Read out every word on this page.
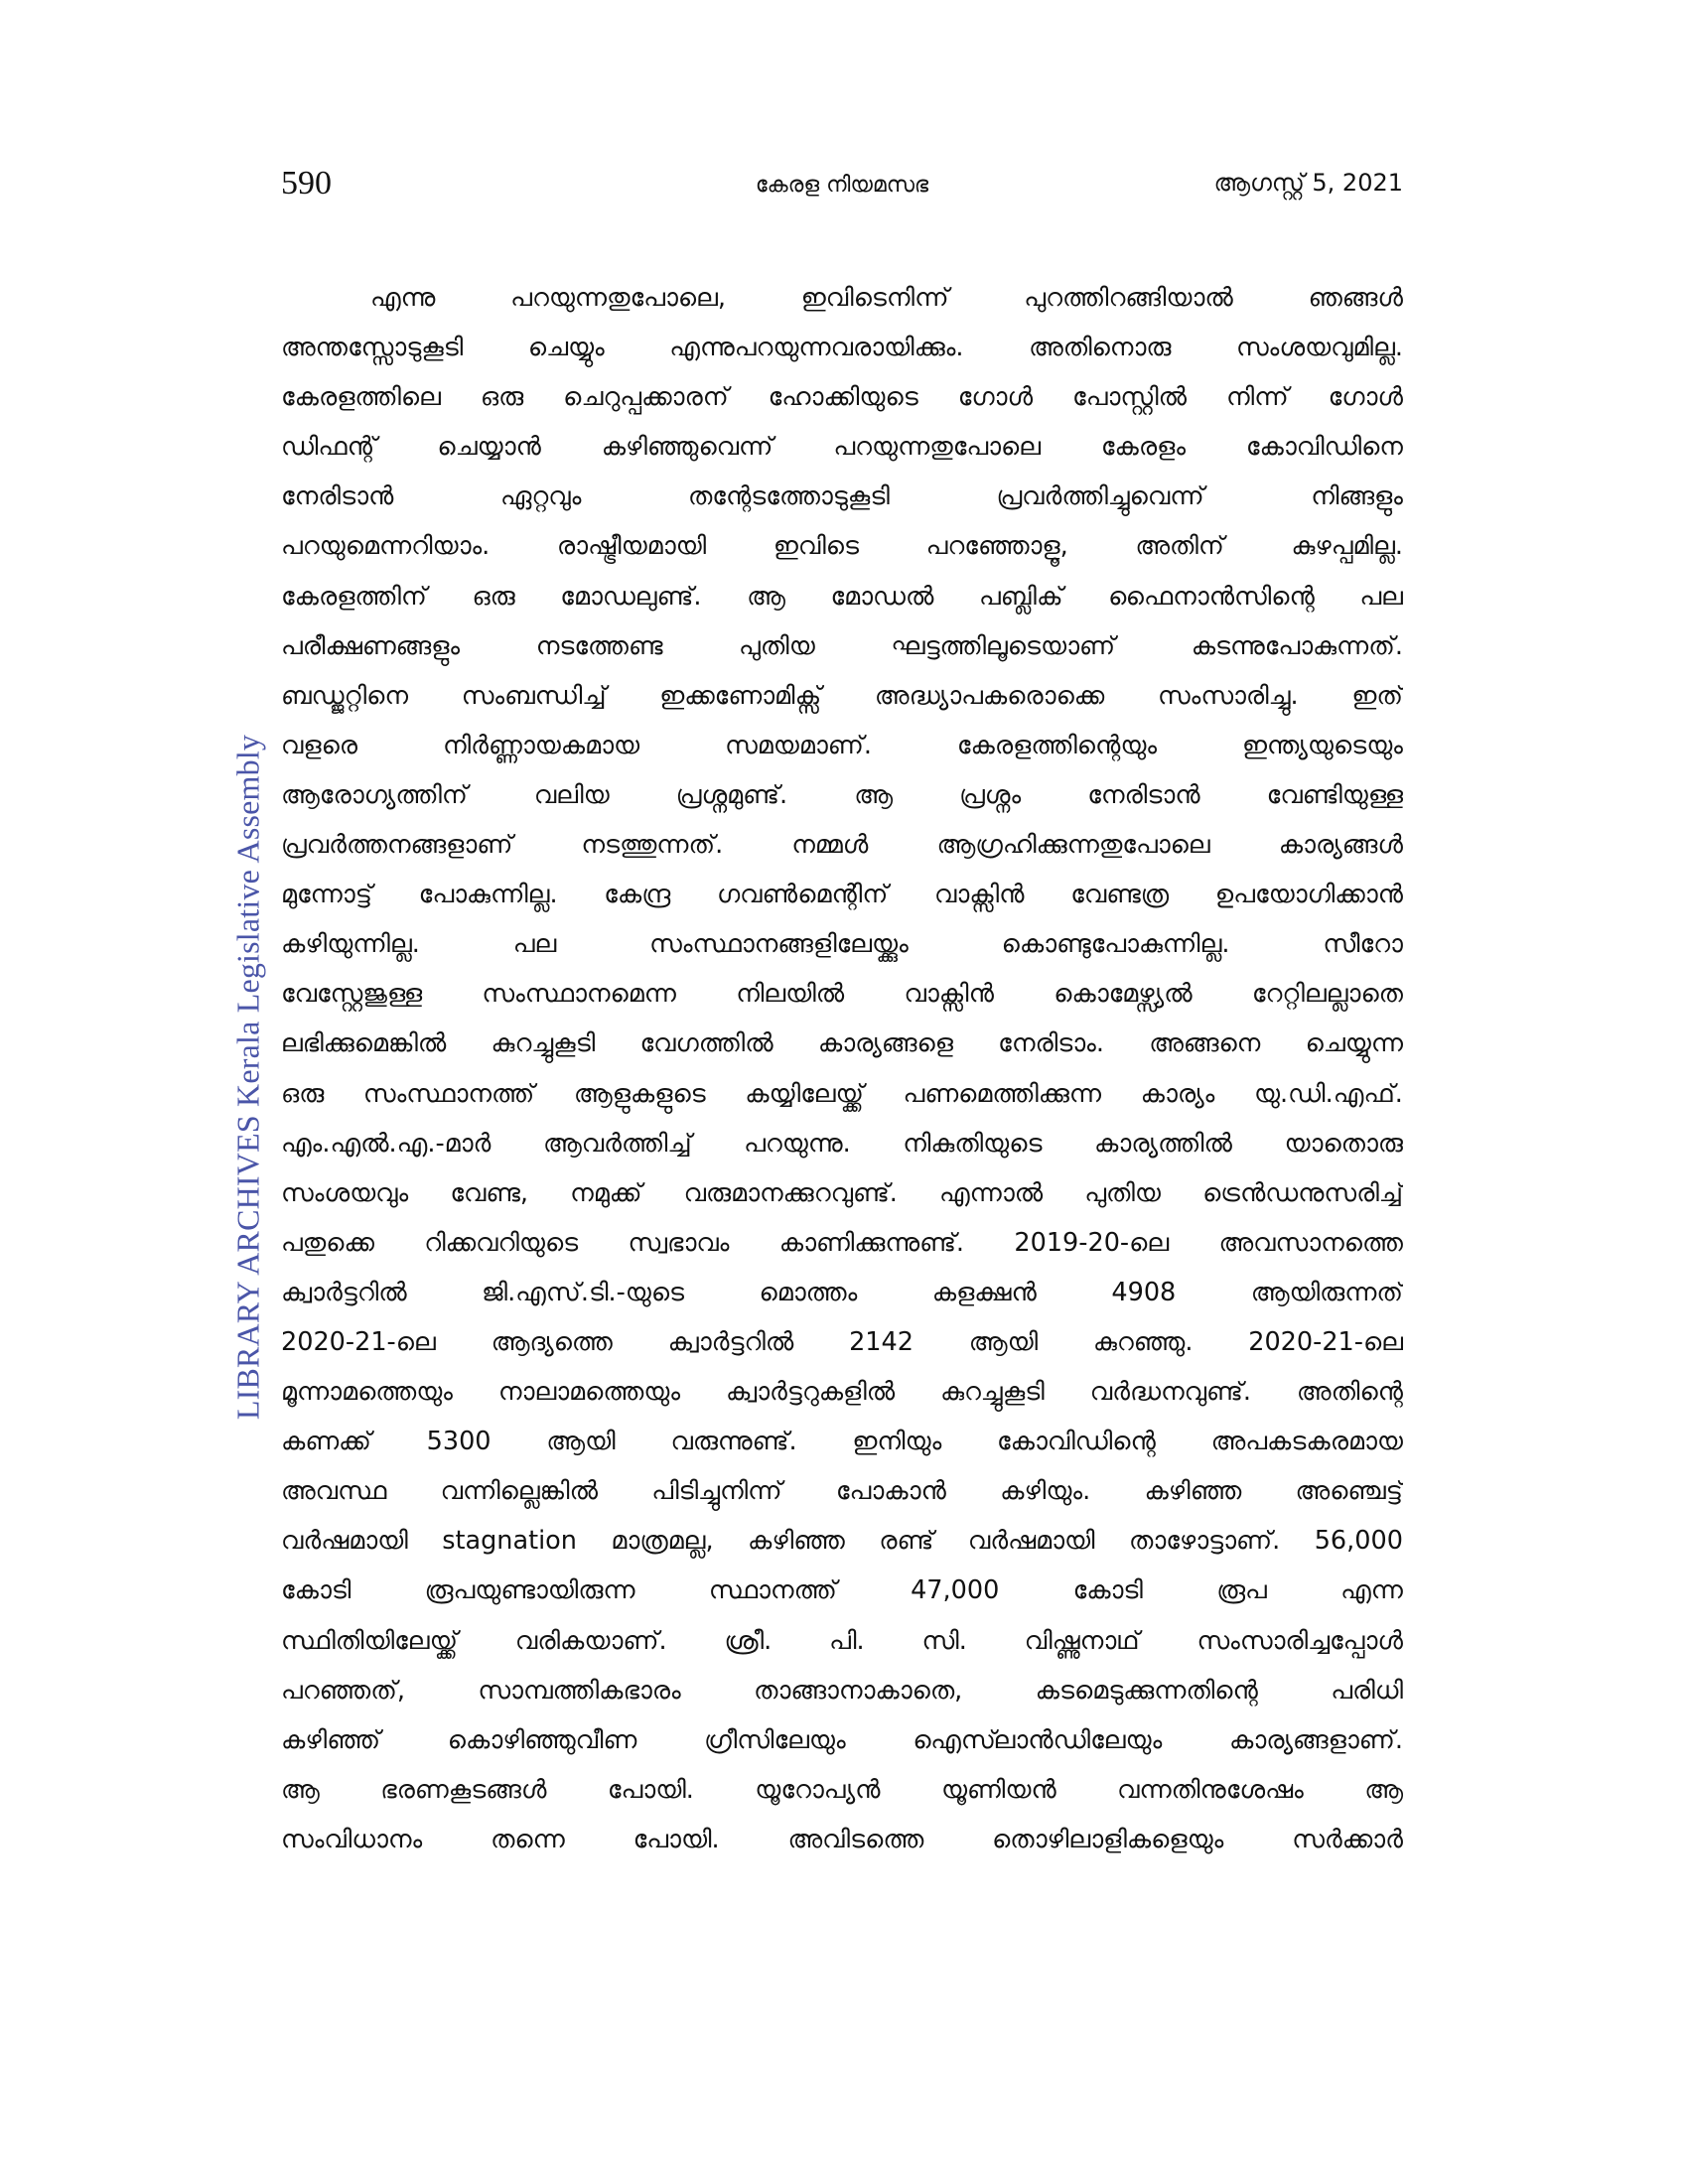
590	കേരള നിയമസഭ	ആഗസ്റ്റ് 5, 2021
LIBRARY ARCHIVES Kerala Legislative Assembly
എന്നു	പറയുന്നതുപോലെ,	ഇവിടെനിന്ന്	പുറത്തിറങ്ങിയാൽ	ഞങ്ങൾ
അന്തസ്സോടുകൂടി	ചെയ്യും	എന്നുപറയുന്നവരായിക്കും.	അതിനൊരു	സംശയവുമില്ല.
കേരളത്തിലെ ഒരു ചെറുപ്പക്കാരന് ഹോക്കിയുടെ ഗോൾ പോസ്റ്റിൽ നിന്ന് ഗോൾ
ഡിഫന്റ് ചെയ്യാൻ കഴിഞ്ഞുവെന്ന് പറയുന്നതുപോലെ കേരളം കോവിഡിനെ
നേരിടാൻ	ഏറ്റവും	തന്റേടത്തോടുകൂടി	പ്രവർത്തിച്ചുവെന്ന്	നിങ്ങളും
പറയുമെന്നറിയാം.	രാഷ്ട്രീയമായി	ഇവിടെ	പറഞ്ഞോളൂ,	അതിന്	കുഴപ്പമില്ല.
കേരളത്തിന് ഒരു മോഡലുണ്ട്. ആ മോഡൽ പബ്ലിക് ഫൈനാൻസിന്റെ പല
പരീക്ഷണങ്ങളും	നടത്തേണ്ട	പുതിയ	ഘട്ടത്തിലൂടെയാണ്	കടന്നുപോകുന്നത്.
ബഡ്ജറ്റിനെ സംബന്ധിച്ച് ഇക്കണോമിക്സ് അദ്ധ്യാപകരൊക്കെ സംസാരിച്ചു. ഇത്
വളരെ	നിർണ്ണായകമായ	സമയമാണ്.	കേരളത്തിന്റെയും	ഇന്ത്യയുടെയും
ആരോഗ്യത്തിന്	വലിയ	പ്രശ്നമുണ്ട്.	ആ	പ്രശ്നം	നേരിടാൻ	വേണ്ടിയുള്ള
പ്രവർത്തനങ്ങളാണ്	നടത്തുന്നത്.	നമ്മൾ	ആഗ്രഹിക്കുന്നതുപോലെ	കാര്യങ്ങൾ
മുന്നോട്ട് പോകുന്നില്ല. കേന്ദ്ര ഗവൺമെന്റിന് വാക്സിൻ വേണ്ടത്ര ഉപയോഗിക്കാൻ
കഴിയുന്നില്ല.	പല	സംസ്ഥാനങ്ങളിലേയ്ക്കും	കൊണ്ടുപോകുന്നില്ല.	സീറോ
വേസ്റ്റേജുള്ള സംസ്ഥാനമെന്ന നിലയിൽ വാക്സിൻ കൊമേഴ്സ്യൽ റേറ്റിലല്ലാതെ
ലഭിക്കുമെങ്കിൽ കുറച്ചുകൂടി വേഗത്തിൽ കാര്യങ്ങളെ നേരിടാം. അങ്ങനെ ചെയ്യുന്ന
ഒരു സംസ്ഥാനത്ത് ആളുകളുടെ കയ്യിലേയ്ക്ക് പണമെത്തിക്കുന്ന കാര്യം യു.ഡി.എഫ്.
എം.എൽ.എ.-മാർ ആവർത്തിച്ച് പറയുന്നു. നികുതിയുടെ കാര്യത്തിൽ യാതൊരു
സംശയവും വേണ്ട, നമുക്ക് വരുമാനക്കുറവുണ്ട്. എന്നാൽ പുതിയ ട്രെൻഡനുസരിച്ച്
പതുക്കെ റിക്കവറിയുടെ സ്വഭാവം കാണിക്കുന്നുണ്ട്. 2019-20-ലെ അവസാനത്തെ
ക്വാർട്ടറിൽ	ജി.എസ്.ടി.-യുടെ	മൊത്തം	കളക്ഷൻ	4908	ആയിരുന്നത്
2020-21-ലെ ആദ്യത്തെ ക്വാർട്ടറിൽ 2142 ആയി കുറഞ്ഞു. 2020-21-ലെ
മൂന്നാമത്തെയും നാലാമത്തെയും ക്വാർട്ടറുകളിൽ കുറച്ചുകൂടി വർദ്ധനവുണ്ട്. അതിന്റെ
കണക്ക് 5300 ആയി വരുന്നുണ്ട്. ഇനിയും കോവിഡിന്റെ അപകടകരമായ
അവസ്ഥ വന്നില്ലെങ്കിൽ പിടിച്ചുനിന്ന് പോകാൻ കഴിയും. കഴിഞ്ഞ അഞ്ചെട്ട്
വർഷമായി stagnation മാത്രമല്ല, കഴിഞ്ഞ രണ്ട് വർഷമായി താഴോട്ടാണ്. 56,000
കോടി	രൂപയുണ്ടായിരുന്ന	സ്ഥാനത്ത്	47,000	കോടി	രൂപ	എന്ന
സ്ഥിതിയിലേയ്ക്ക് വരികയാണ്. ശ്രീ. പി. സി. വിഷ്ണുനാഥ് സംസാരിച്ചപ്പോൾ
പറഞ്ഞത്,	സാമ്പത്തികഭാരം	താങ്ങാനാകാതെ,	കടമെടുക്കുന്നതിന്റെ	പരിധി
കഴിഞ്ഞ്	കൊഴിഞ്ഞുവീണ	ഗ്രീസിലേയും	ഐസ്‍ലാൻഡിലേയും	കാര്യങ്ങളാണ്.
ആ ഭരണകൂടങ്ങൾ പോയി. യൂറോപ്യൻ യൂണിയൻ വന്നതിനുശേഷം ആ
സംവിധാനം	തന്നെ	പോയി.	അവിടത്തെ	തൊഴിലാളികളെയും	സർക്കാർ
